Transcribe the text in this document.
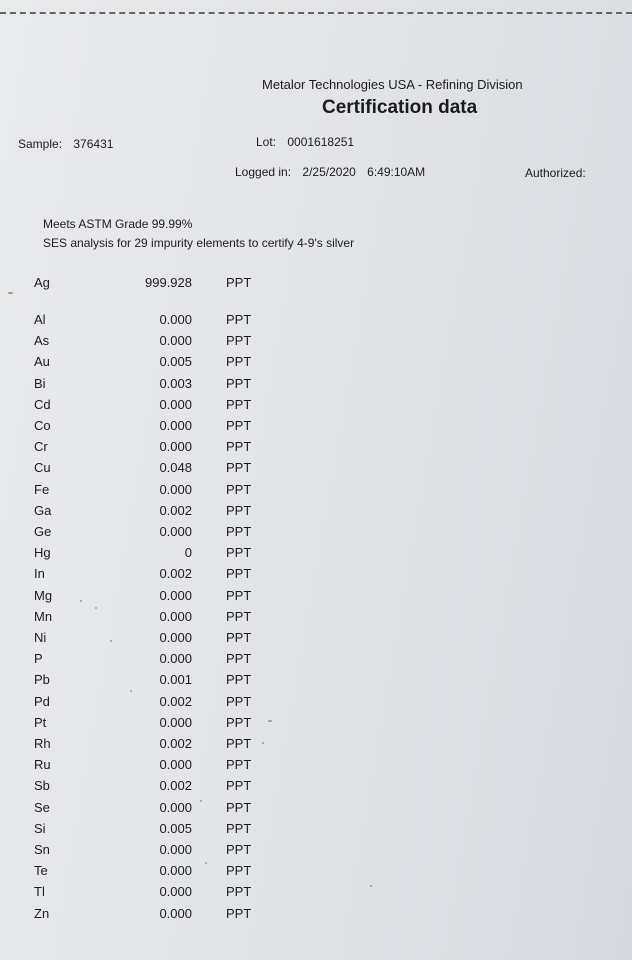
Metalor Technologies USA - Refining Division
Certification data
Sample: 376431	Lot: 0001618251
Logged in: 2/25/2020 6:49:10AM	Authorized:
Meets ASTM Grade 99.99%
SES analysis for 29 impurity elements to certify 4-9's silver
Ag	999.928	PPT
Al	0.000	PPT
As	0.000	PPT
Au	0.005	PPT
Bi	0.003	PPT
Cd	0.000	PPT
Co	0.000	PPT
Cr	0.000	PPT
Cu	0.048	PPT
Fe	0.000	PPT
Ga	0.002	PPT
Ge	0.000	PPT
Hg	0	PPT
In	0.002	PPT
Mg	0.000	PPT
Mn	0.000	PPT
Ni	0.000	PPT
P	0.000	PPT
Pb	0.001	PPT
Pd	0.002	PPT
Pt	0.000	PPT
Rh	0.002	PPT
Ru	0.000	PPT
Sb	0.002	PPT
Se	0.000	PPT
Si	0.005	PPT
Sn	0.000	PPT
Te	0.000	PPT
Tl	0.000	PPT
Zn	0.000	PPT
